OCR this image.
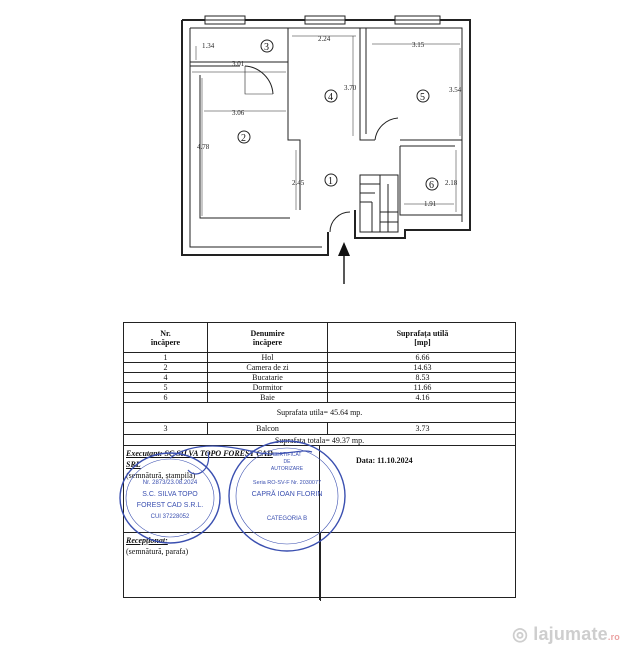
1.34
3.01
2.24
3.15
3.06
3.70	3.54
4.78
2.45	2.18
1.91
1
2
3
4	5
6
Nr.
încăpere
Denumire
încăpere
Suprafața utilă
[mp]
1	Hol	6.66
2	Camera de zi	14.63
4	Bucatarie	8.53
5	Dormitor	11.66
6	Baie	4.16
Suprafata utila= 45.64 mp.
3	Balcon	3.73
Suprafata totala= 49.37 mp.
Executant: SC SILVA TOPO FOREST CAD
SRL
(semnătură, ștampila)
Data: 11.10.2024
Recepționat:
(semnătură, parafa)
Nr. 2873/23.08.2024
S.C. SILVA TOPO
FOREST CAD S.R.L.
CUI 37228052
CERTIFICAT
DE
AUTORIZARE
Seria RO-SV-F Nr. 2030077
CAPRĂ IOAN FLORIN
CATEGORIA B
◎ lajumate.ro
